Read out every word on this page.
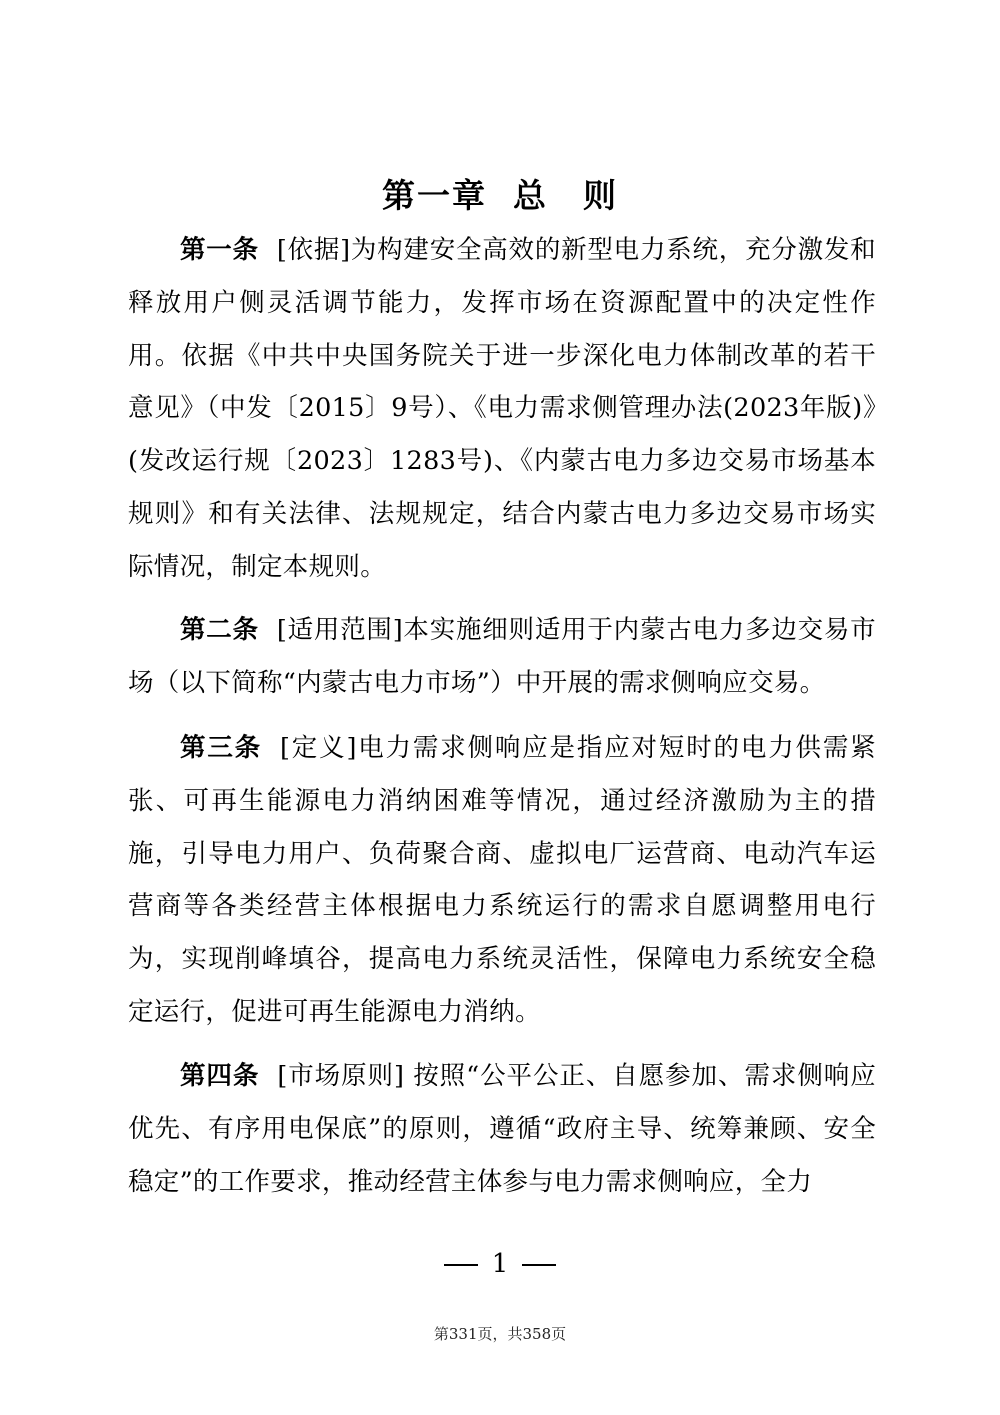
第一章 总　则
第一条 [依据]为构建安全高效的新型电力系统，充分激发和释放用户侧灵活调节能力，发挥市场在资源配置中的决定性作用。依据《中共中央国务院关于进一步深化电力体制改革的若干意见》（中发〔2015〕9号）、《电力需求侧管理办法(2023年版)》(发改运行规〔2023〕1283号)、《内蒙古电力多边交易市场基本规则》和有关法律、法规规定，结合内蒙古电力多边交易市场实际情况，制定本规则。
第二条 [适用范围]本实施细则适用于内蒙古电力多边交易市场（以下简称“内蒙古电力市场”）中开展的需求侧响应交易。
第三条 [定义]电力需求侧响应是指应对短时的电力供需紧张、可再生能源电力消纳困难等情况，通过经济激励为主的措施，引导电力用户、负荷聚合商、虚拟电厂运营商、电动汽车运营商等各类经营主体根据电力系统运行的需求自愿调整用电行为，实现削峰填谷，提高电力系统灵活性，保障电力系统安全稳定运行，促进可再生能源电力消纳。
第四条 [市场原则] 按照“公平公正、自愿参加、需求侧响应优先、有序用电保底”的原则，遵循“政府主导、统筹兼顾、安全稳定”的工作要求，推动经营主体参与电力需求侧响应，全力
1
第331页，共358页
